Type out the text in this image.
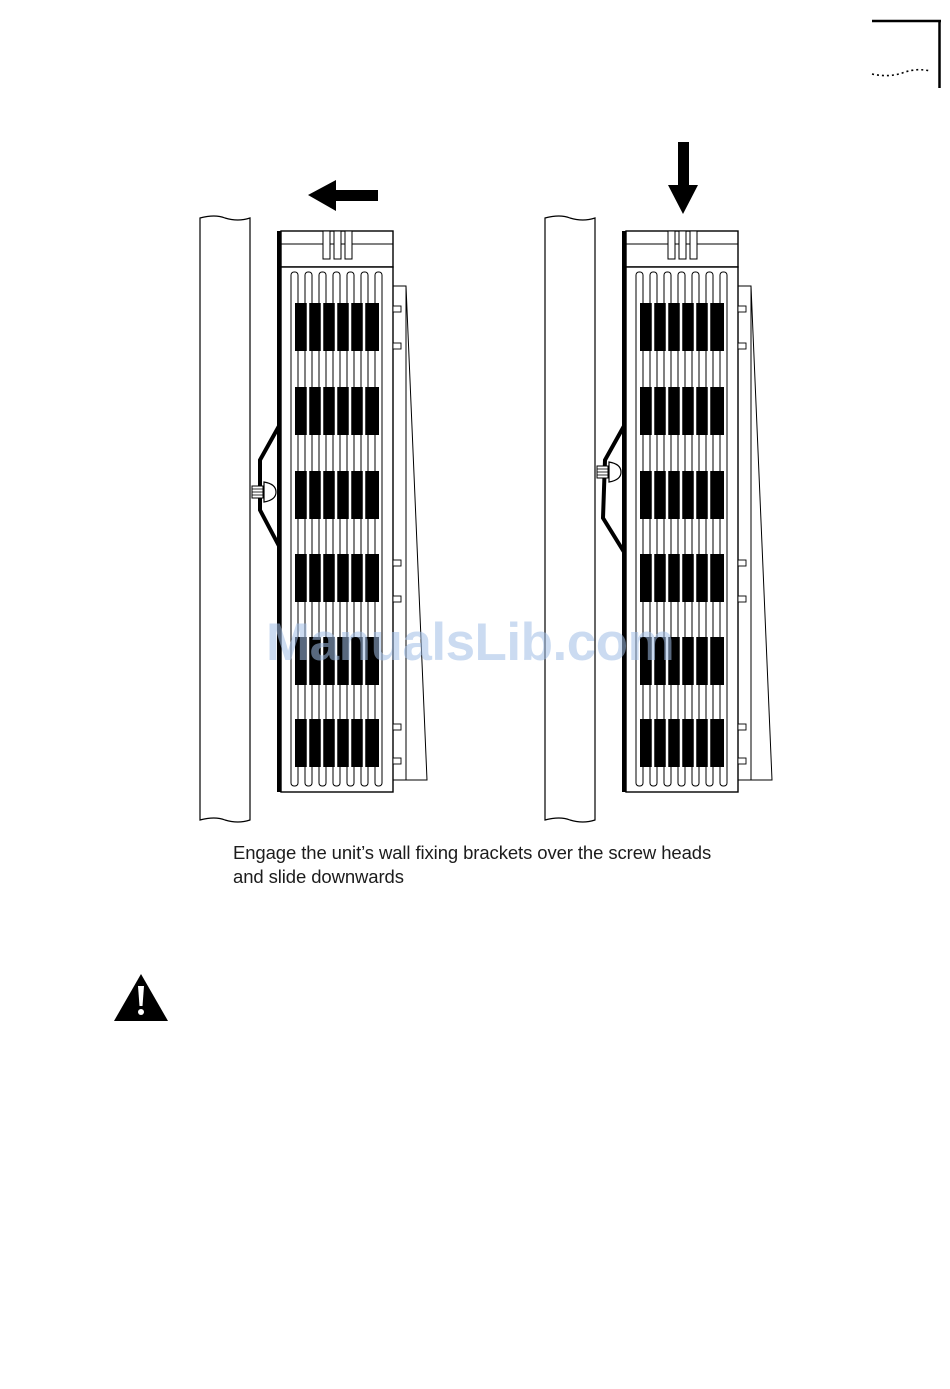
ManualsLib.com
Engage the unit’s wall fixing brackets over the screw heads
and slide downwards
